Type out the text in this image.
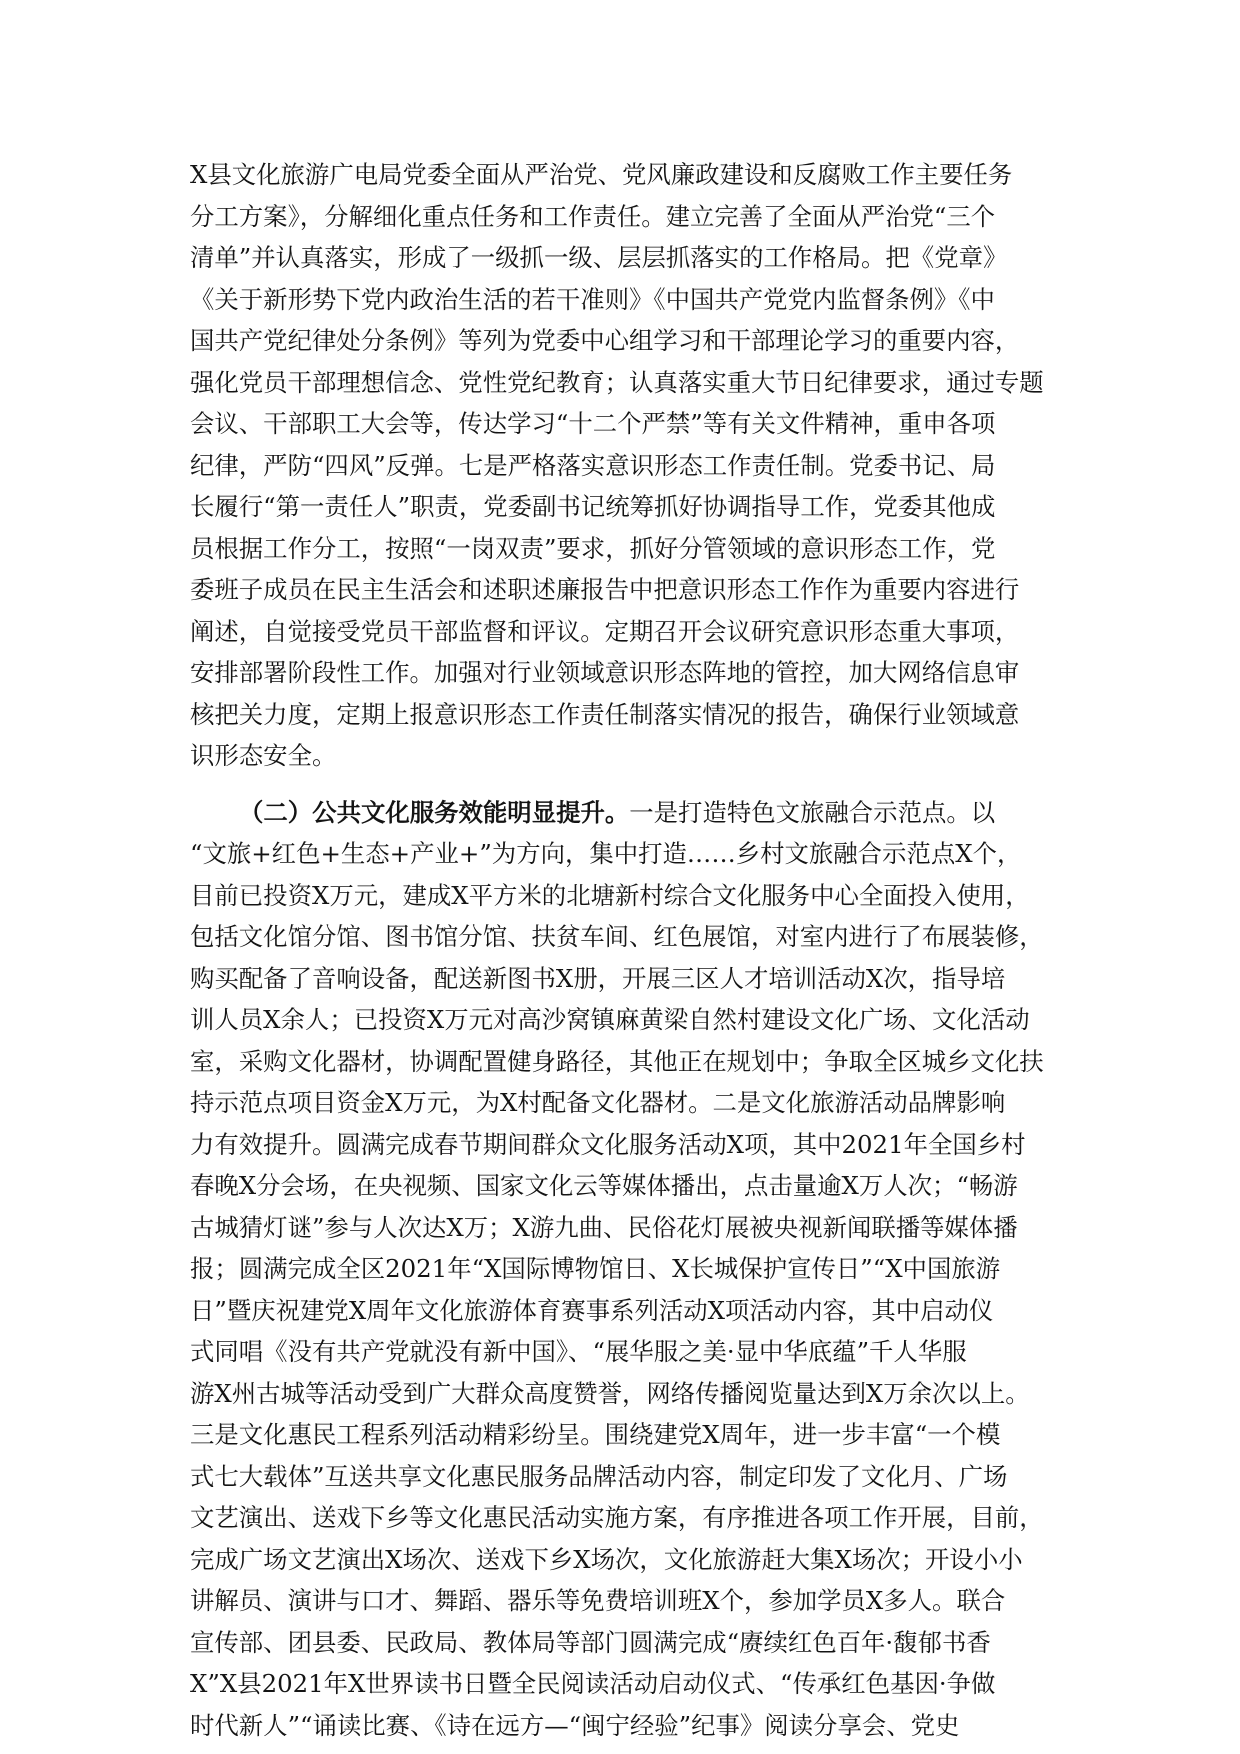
X县文化旅游广电局党委全面从严治党、党风廉政建设和反腐败工作主要任务
分工方案》，分解细化重点任务和工作责任。建立完善了全面从严治党“三个
清单”并认真落实，形成了一级抓一级、层层抓落实的工作格局。把《党章》
《关于新形势下党内政治生活的若干准则》《中国共产党党内监督条例》《中
国共产党纪律处分条例》等列为党委中心组学习和干部理论学习的重要内容，
强化党员干部理想信念、党性党纪教育；认真落实重大节日纪律要求，通过专题
会议、干部职工大会等，传达学习“十二个严禁”等有关文件精神，重申各项
纪律，严防“四风”反弹。七是严格落实意识形态工作责任制。党委书记、局
长履行“第一责任人”职责，党委副书记统筹抓好协调指导工作，党委其他成
员根据工作分工，按照“一岗双责”要求，抓好分管领域的意识形态工作，党
委班子成员在民主生活会和述职述廉报告中把意识形态工作作为重要内容进行
阐述，自觉接受党员干部监督和评议。定期召开会议研究意识形态重大事项，
安排部署阶段性工作。加强对行业领域意识形态阵地的管控，加大网络信息审
核把关力度，定期上报意识形态工作责任制落实情况的报告，确保行业领域意
识形态安全。
（二）公共文化服务效能明显提升。一是打造特色文旅融合示范点。以
“文旅+红色+生态+产业+”为方向，集中打造……乡村文旅融合示范点X个，
目前已投资X万元，建成X平方米的北塘新村综合文化服务中心全面投入使用，
包括文化馆分馆、图书馆分馆、扶贫车间、红色展馆，对室内进行了布展装修，
购买配备了音响设备，配送新图书X册，开展三区人才培训活动X次，指导培
训人员X余人；已投资X万元对高沙窝镇麻黄梁自然村建设文化广场、文化活动
室，采购文化器材，协调配置健身路径，其他正在规划中；争取全区城乡文化扶
持示范点项目资金X万元，为X村配备文化器材。二是文化旅游活动品牌影响
力有效提升。圆满完成春节期间群众文化服务活动X项，其中2021年全国乡村
春晚X分会场，在央视频、国家文化云等媒体播出，点击量逾X万人次；“畅游
古城猜灯谜”参与人次达X万；X游九曲、民俗花灯展被央视新闻联播等媒体播
报；圆满完成全区2021年“X国际博物馆日、X长城保护宣传日”“X中国旅游
日”暨庆祝建党X周年文化旅游体育赛事系列活动X项活动内容，其中启动仪
式同唱《没有共产党就没有新中国》、“展华服之美·显中华底蕴”千人华服
游X州古城等活动受到广大群众高度赞誉，网络传播阅览量达到X万余次以上。
三是文化惠民工程系列活动精彩纷呈。围绕建党X周年，进一步丰富“一个模
式七大载体”互送共享文化惠民服务品牌活动内容，制定印发了文化月、广场
文艺演出、送戏下乡等文化惠民活动实施方案，有序推进各项工作开展，目前，
完成广场文艺演出X场次、送戏下乡X场次，文化旅游赶大集X场次；开设小小
讲解员、演讲与口才、舞蹈、器乐等免费培训班X个，参加学员X多人。联合
宣传部、团县委、民政局、教体局等部门圆满完成“赓续红色百年·馥郁书香
X”X县2021年X世界读书日暨全民阅读活动启动仪式、“传承红色基因·争做
时代新人”“诵读比赛、《诗在远方—“闽宁经验”纪事》阅读分享会、党史
